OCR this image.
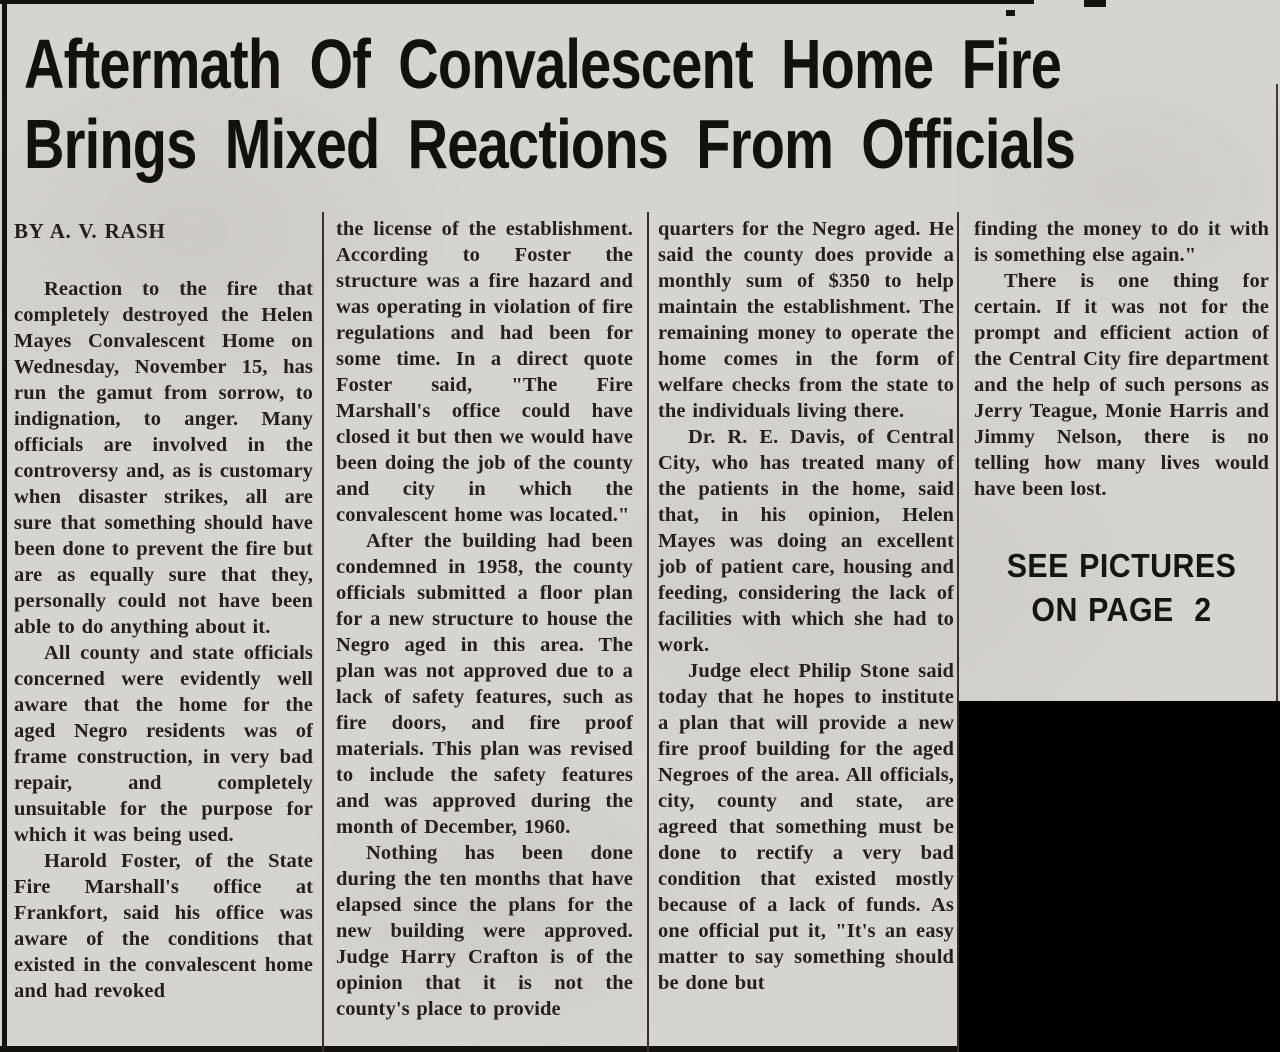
Aftermath Of Convalescent Home Fire
Brings Mixed Reactions From Officials
BY A. V. RASH

Reaction to the fire that completely destroyed the Helen Mayes Convalescent Home on Wednesday, November 15, has run the gamut from sorrow, to indignation, to anger. Many officials are involved in the controversy and, as is customary when disaster strikes, all are sure that something should have been done to prevent the fire but are as equally sure that they, personally could not have been able to do anything about it.

All county and state officials concerned were evidently well aware that the home for the aged Negro residents was of frame construction, in very bad repair, and completely unsuitable for the purpose for which it was being used.

Harold Foster, of the State Fire Marshall's office at Frankfort, said his office was aware of the conditions that existed in the convalescent home and had revoked

the license of the establishment. According to Foster the structure was a fire hazard and was operating in violation of fire regulations and had been for some time. In a direct quote Foster said, "The Fire Marshall's office could have closed it but then we would have been doing the job of the county and city in which the convalescent home was located."

After the building had been condemned in 1958, the county officials submitted a floor plan for a new structure to house the Negro aged in this area. The plan was not approved due to a lack of safety features, such as fire doors, and fire proof materials. This plan was revised to include the safety features and was approved during the month of December, 1960.

Nothing has been done during the ten months that have elapsed since the plans for the new building were approved. Judge Harry Crafton is of the opinion that it is not the county's place to provide

quarters for the Negro aged. He said the county does provide a monthly sum of $350 to help maintain the establishment. The remaining money to operate the home comes in the form of welfare checks from the state to the individuals living there.

Dr. R. E. Davis, of Central City, who has treated many of the patients in the home, said that, in his opinion, Helen Mayes was doing an excellent job of patient care, housing and feeding, considering the lack of facilities with which she had to work.

Judge elect Philip Stone said today that he hopes to institute a plan that will provide a new fire proof building for the aged Negroes of the area. All officials, city, county and state, are agreed that something must be done to rectify a very bad condition that existed mostly because of a lack of funds. As one official put it, "It's an easy matter to say something should be done but

finding the money to do it with is something else again."

There is one thing for certain. If it was not for the prompt and efficient action of the Central City fire department and the help of such persons as Jerry Teague, Monie Harris and Jimmy Nelson, there is no telling how many lives would have been lost.

SEE PICTURES
ON PAGE  2
